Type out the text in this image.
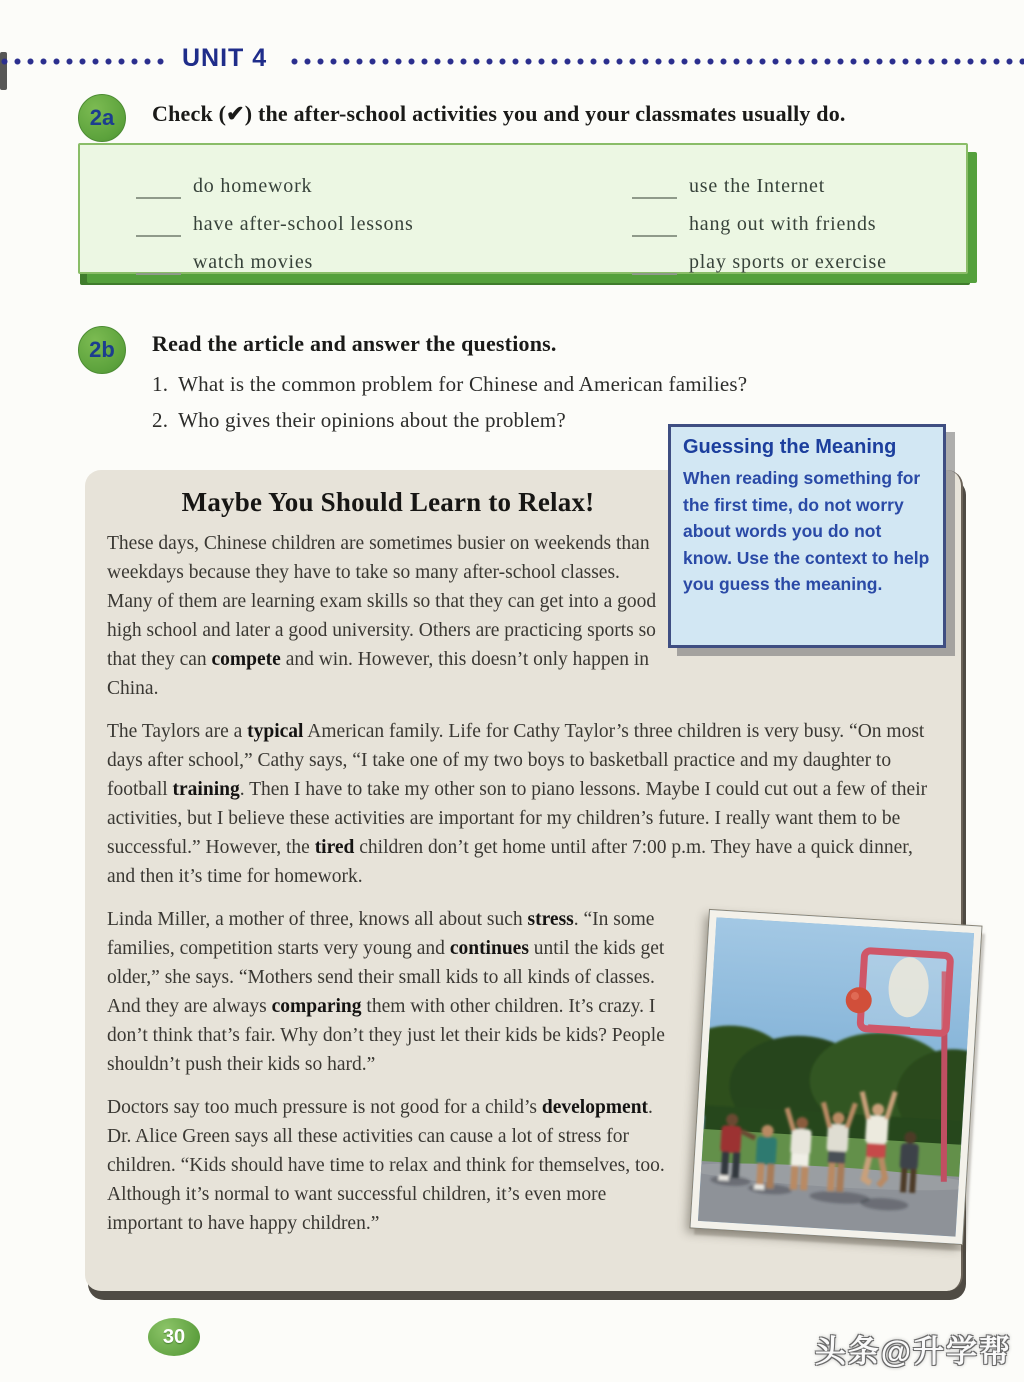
UNIT 4
2a	Check (✔) the after-school activities you and your classmates usually do.
do homework
have after-school lessons
watch movies
use the Internet
hang out with friends
play sports or exercise
2b	Read the article and answer the questions.
1. What is the common problem for Chinese and American families?
2. Who gives their opinions about the problem?

Guessing the Meaning

When reading something for the first time, do not worry about words you do not know. Use the context to help you guess the meaning.

Maybe You Should Learn to Relax!

These days, Chinese children are sometimes busier on weekends than weekdays because they have to take so many after-school classes. Many of them are learning exam skills so that they can get into a good high school and later a good university. Others are practicing sports so that they can compete and win. However, this doesn’t only happen in China.

The Taylors are a typical American family. Life for Cathy Taylor’s three children is very busy. “On most days after school,” Cathy says, “I take one of my two boys to basketball practice and my daughter to football training. Then I have to take my other son to piano lessons. Maybe I could cut out a few of their activities, but I believe these activities are important for my children’s future. I really want them to be successful.” However, the tired children don’t get home until after 7:00 p.m. They have a quick dinner, and then it’s time for homework.

Linda Miller, a mother of three, knows all about such stress. “In some families, competition starts very young and continues until the kids get older,” she says. “Mothers send their small kids to all kinds of classes. And they are always comparing them with other children. It’s crazy. I don’t think that’s fair. Why don’t they just let their kids be kids? People shouldn’t push their kids so hard.”

Doctors say too much pressure is not good for a child’s development. Dr. Alice Green says all these activities can cause a lot of stress for children. “Kids should have time to relax and think for themselves, too. Although it’s normal to want successful children, it’s even more important to have happy children.”

30	头条@升学帮
